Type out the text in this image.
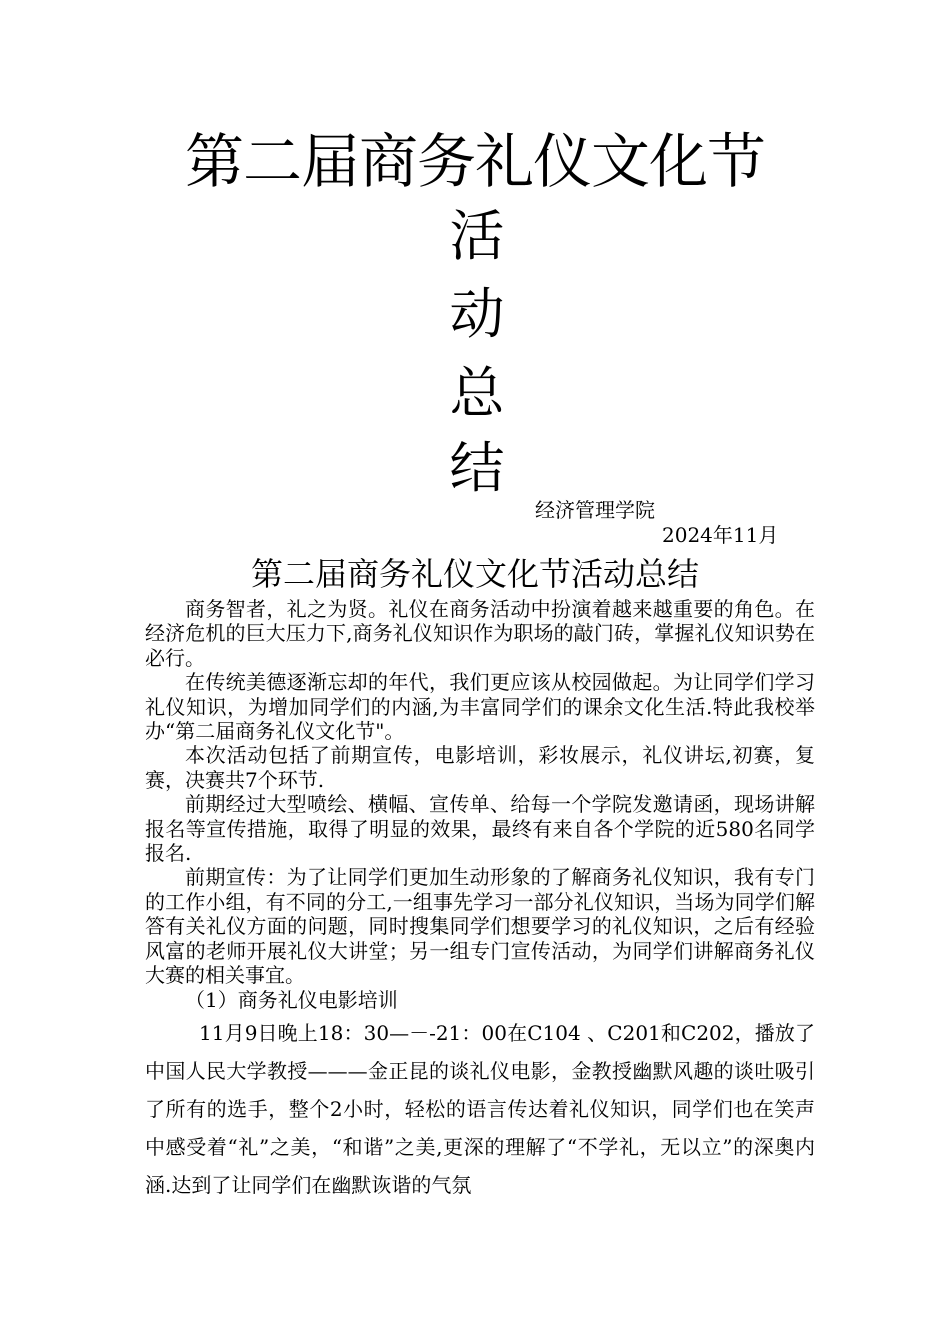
第二届商务礼仪文化节
活
动
总
结
经济管理学院
2024年11月
第二届商务礼仪文化节活动总结

商务智者，礼之为贤。礼仪在商务活动中扮演着越来越重要的角色。在经济危机的巨大压力下,商务礼仪知识作为职场的敲门砖，掌握礼仪知识势在必行。

在传统美德逐渐忘却的年代，我们更应该从校园做起。为让同学们学习礼仪知识，为增加同学们的内涵,为丰富同学们的课余文化生活.特此我校举办“第二届商务礼仪文化节"。

本次活动包括了前期宣传，电影培训，彩妆展示，礼仪讲坛,初赛，复赛，决赛共7个环节.

前期经过大型喷绘、横幅、宣传单、给每一个学院发邀请函，现场讲解报名等宣传措施，取得了明显的效果，最终有来自各个学院的近580名同学报名.

前期宣传：为了让同学们更加生动形象的了解商务礼仪知识，我有专门的工作小组，有不同的分工,一组事先学习一部分礼仪知识，当场为同学们解答有关礼仪方面的问题，同时搜集同学们想要学习的礼仪知识，之后有经验风富的老师开展礼仪大讲堂；另一组专门宣传活动，为同学们讲解商务礼仪大赛的相关事宜。

（1）商务礼仪电影培训

11月9日晚上18：30—－-21：00在C104 、C201和C202，播放了中国人民大学教授———金正昆的谈礼仪电影，金教授幽默风趣的谈吐吸引了所有的选手，整个2小时，轻松的语言传达着礼仪知识，同学们也在笑声中感受着“礼”之美，“和谐”之美,更深的理解了“不学礼，无以立”的深奥内涵.达到了让同学们在幽默诙谐的气氛
